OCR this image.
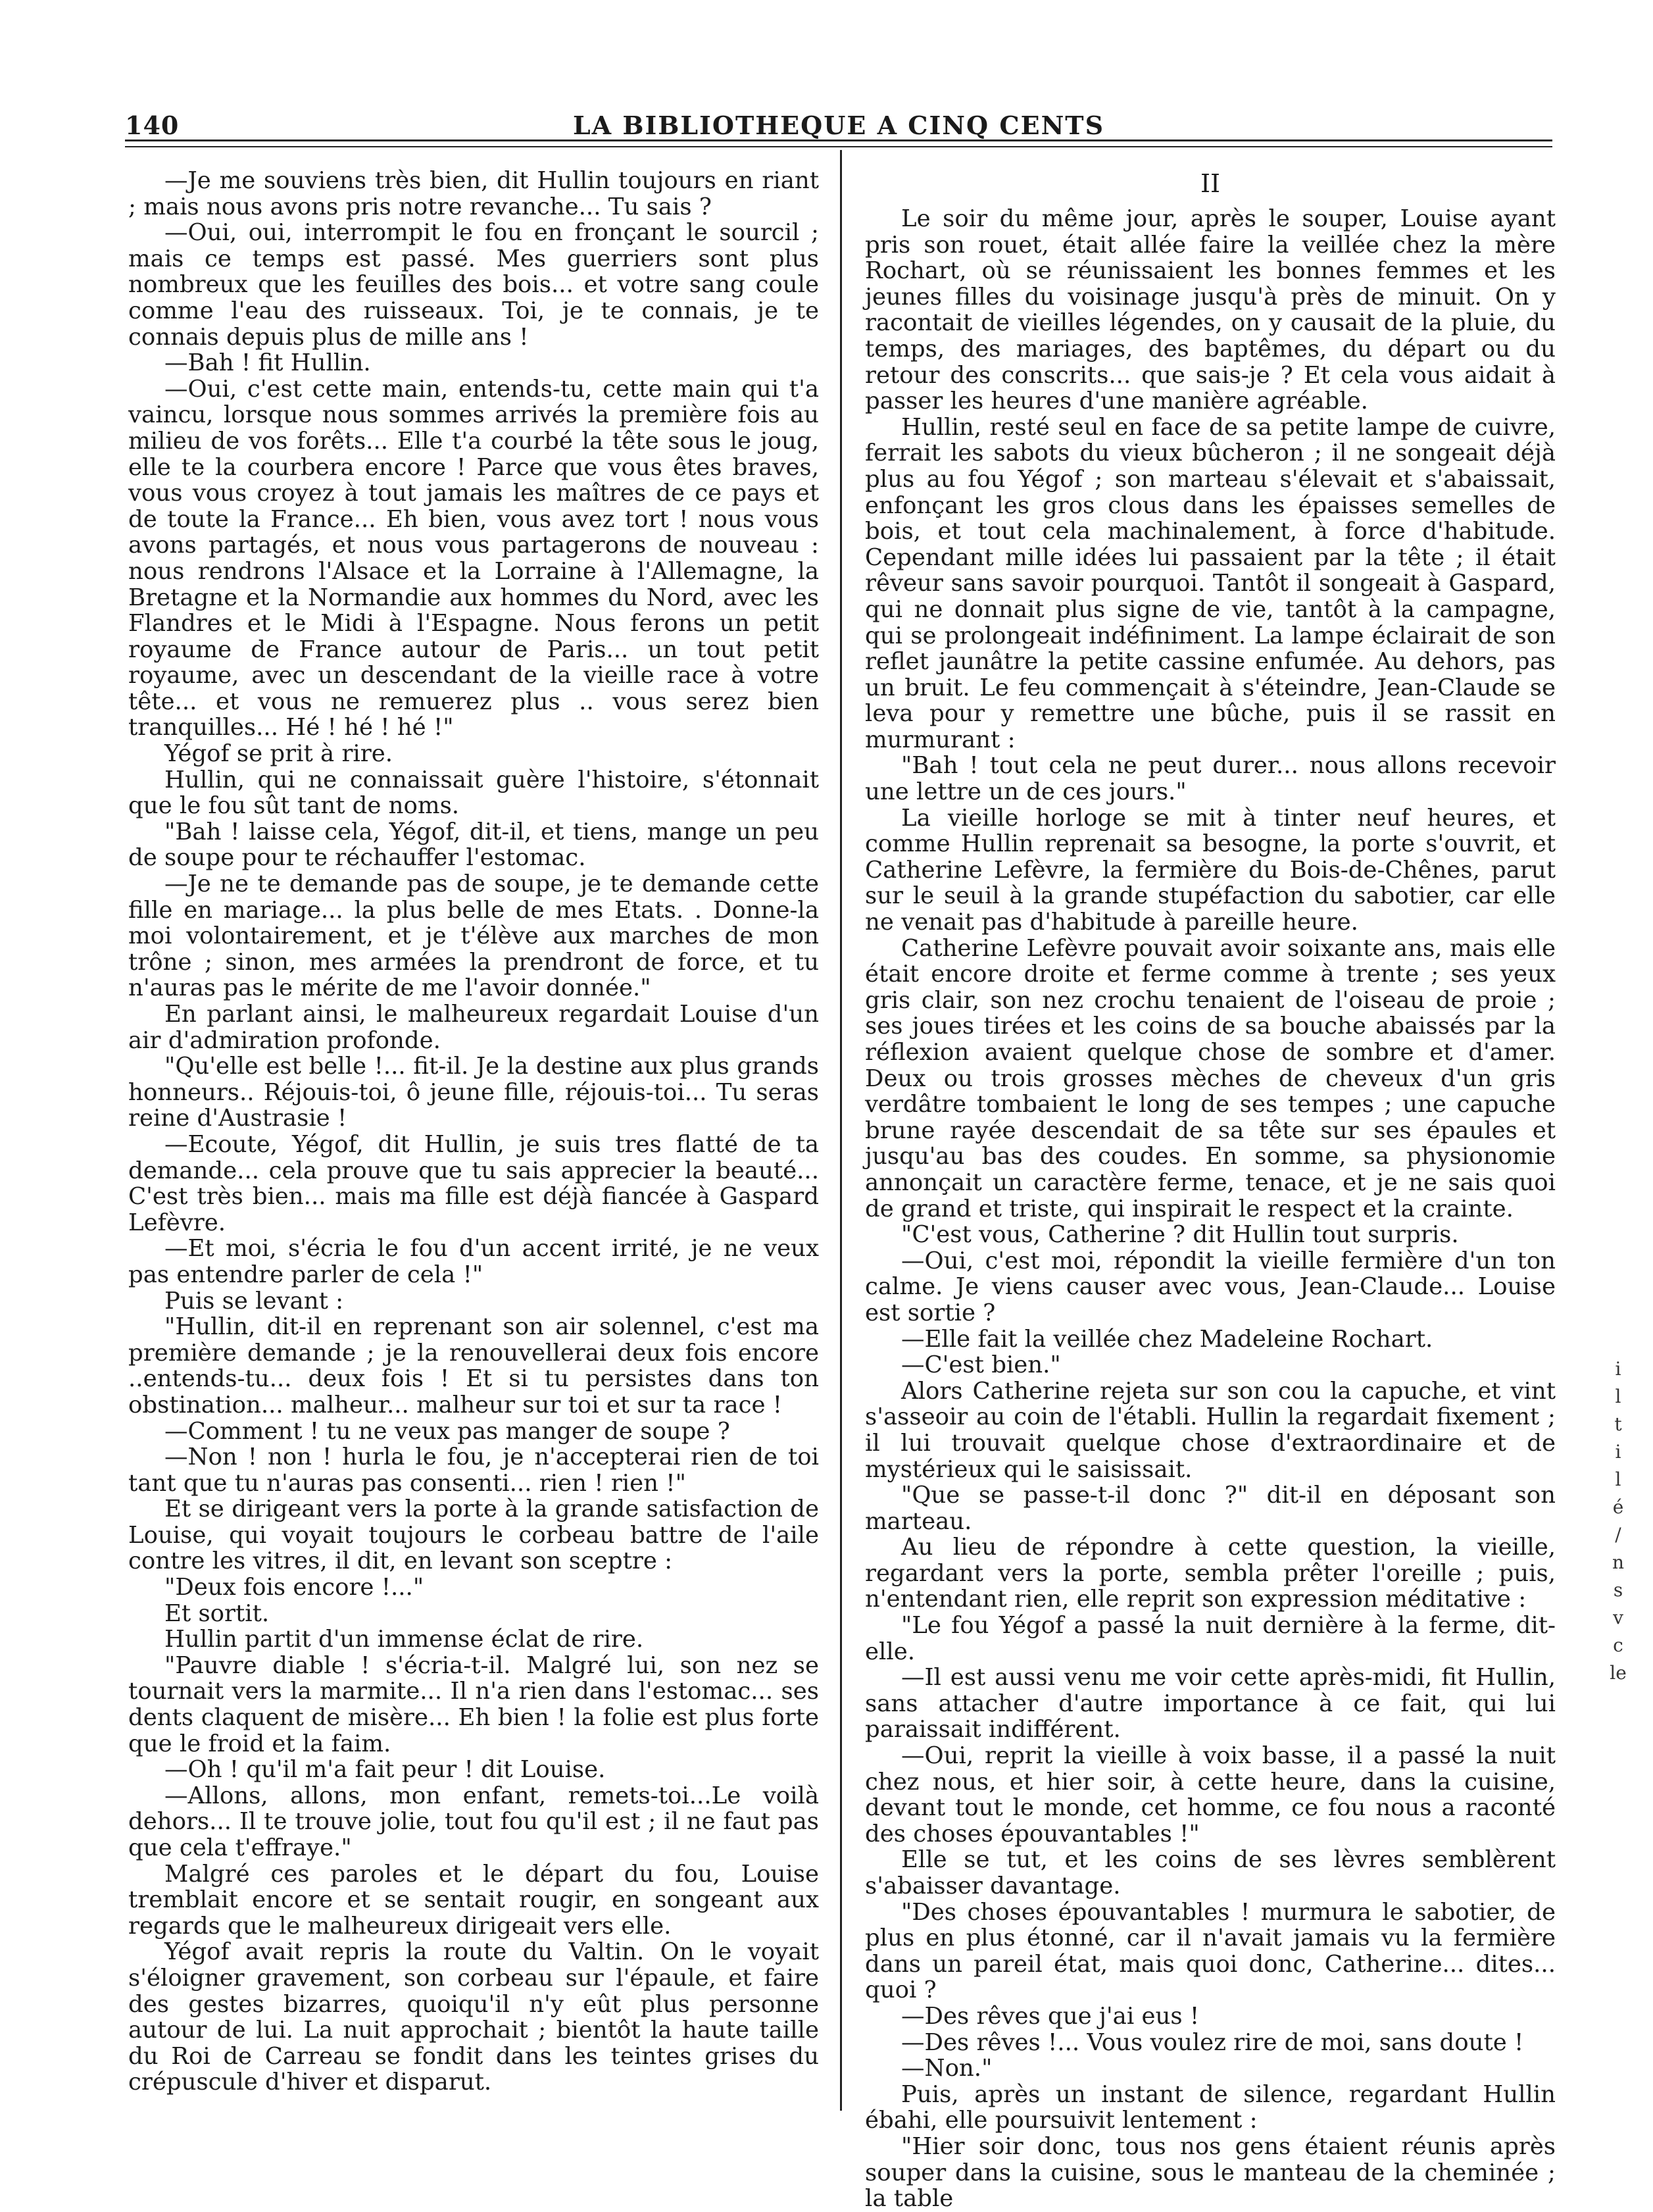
140	LA BIBLIOTHEQUE A CINQ CENTS

—Je me souviens très bien, dit Hullin toujours en riant ; mais nous avons pris notre revanche... Tu sais ?

—Oui, oui, interrompit le fou en fronçant le sourcil ; mais ce temps est passé. Mes guerriers sont plus nombreux que les feuilles des bois... et votre sang coule comme l'eau des ruisseaux. Toi, je te connais, je te connais depuis plus de mille ans !

—Bah ! fit Hullin.

—Oui, c'est cette main, entends-tu, cette main qui t'a vaincu, lorsque nous sommes arrivés la première fois au milieu de vos forêts... Elle t'a courbé la tête sous le joug, elle te la courbera encore ! Parce que vous êtes braves, vous vous croyez à tout jamais les maîtres de ce pays et de toute la France... Eh bien, vous avez tort ! nous vous avons partagés, et nous vous partagerons de nouveau : nous rendrons l'Alsace et la Lorraine à l'Allemagne, la Bretagne et la Normandie aux hommes du Nord, avec les Flandres et le Midi à l'Espagne. Nous ferons un petit royaume de France autour de Paris... un tout petit royaume, avec un descendant de la vieille race à votre tête... et vous ne remuerez plus .. vous serez bien tranquilles... Hé ! hé ! hé !"

Yégof se prit à rire.

Hullin, qui ne connaissait guère l'histoire, s'étonnait que le fou sût tant de noms.

"Bah ! laisse cela, Yégof, dit-il, et tiens, mange un peu de soupe pour te réchauffer l'estomac.

—Je ne te demande pas de soupe, je te demande cette fille en mariage... la plus belle de mes Etats. . Donne-la moi volontairement, et je t'élève aux marches de mon trône ; sinon, mes armées la prendront de force, et tu n'auras pas le mérite de me l'avoir donnée."

En parlant ainsi, le malheureux regardait Louise d'un air d'admiration profonde.

"Qu'elle est belle !... fit-il. Je la destine aux plus grands honneurs.. Réjouis-toi, ô jeune fille, réjouis-toi... Tu seras reine d'Austrasie !

—Ecoute, Yégof, dit Hullin, je suis tres flatté de ta demande... cela prouve que tu sais apprecier la beauté... C'est très bien... mais ma fille est déjà fiancée à Gaspard Lefèvre.

—Et moi, s'écria le fou d'un accent irrité, je ne veux pas entendre parler de cela !"

Puis se levant :

"Hullin, dit-il en reprenant son air solennel, c'est ma première demande ; je la renouvellerai deux fois encore ..entends-tu... deux fois ! Et si tu persistes dans ton obstination... malheur... malheur sur toi et sur ta race !

—Comment ! tu ne veux pas manger de soupe ?

—Non ! non ! hurla le fou, je n'accepterai rien de toi tant que tu n'auras pas consenti... rien ! rien !"

Et se dirigeant vers la porte à la grande satisfaction de Louise, qui voyait toujours le corbeau battre de l'aile contre les vitres, il dit, en levant son sceptre :

"Deux fois encore !..."

Et sortit.

Hullin partit d'un immense éclat de rire.

"Pauvre diable ! s'écria-t-il. Malgré lui, son nez se tournait vers la marmite... Il n'a rien dans l'estomac... ses dents claquent de misère... Eh bien ! la folie est plus forte que le froid et la faim.

—Oh ! qu'il m'a fait peur ! dit Louise.

—Allons, allons, mon enfant, remets-toi...Le voilà dehors... Il te trouve jolie, tout fou qu'il est ; il ne faut pas que cela t'effraye."

Malgré ces paroles et le départ du fou, Louise tremblait encore et se sentait rougir, en songeant aux regards que le malheureux dirigeait vers elle.

Yégof avait repris la route du Valtin. On le voyait s'éloigner gravement, son corbeau sur l'épaule, et faire des gestes bizarres, quoiqu'il n'y eût plus personne autour de lui. La nuit approchait ; bientôt la haute taille du Roi de Carreau se fondit dans les teintes grises du crépuscule d'hiver et disparut.

II

Le soir du même jour, après le souper, Louise ayant pris son rouet, était allée faire la veillée chez la mère Rochart, où se réunissaient les bonnes femmes et les jeunes filles du voisinage jusqu'à près de minuit. On y racontait de vieilles légendes, on y causait de la pluie, du temps, des mariages, des baptêmes, du départ ou du retour des conscrits... que sais-je ? Et cela vous aidait à passer les heures d'une manière agréable.

Hullin, resté seul en face de sa petite lampe de cuivre, ferrait les sabots du vieux bûcheron ; il ne songeait déjà plus au fou Yégof ; son marteau s'élevait et s'abaissait, enfonçant les gros clous dans les épaisses semelles de bois, et tout cela machinalement, à force d'habitude. Cependant mille idées lui passaient par la tête ; il était rêveur sans savoir pourquoi. Tantôt il songeait à Gaspard, qui ne donnait plus signe de vie, tantôt à la campagne, qui se prolongeait indéfiniment. La lampe éclairait de son reflet jaunâtre la petite cassine enfumée. Au dehors, pas un bruit. Le feu commençait à s'éteindre, Jean-Claude se leva pour y remettre une bûche, puis il se rassit en murmurant :

"Bah ! tout cela ne peut durer... nous allons recevoir une lettre un de ces jours."

La vieille horloge se mit à tinter neuf heures, et comme Hullin reprenait sa besogne, la porte s'ouvrit, et Catherine Lefèvre, la fermière du Bois-de-Chênes, parut sur le seuil à la grande stupéfaction du sabotier, car elle ne venait pas d'habitude à pareille heure.

Catherine Lefèvre pouvait avoir soixante ans, mais elle était encore droite et ferme comme à trente ; ses yeux gris clair, son nez crochu tenaient de l'oiseau de proie ; ses joues tirées et les coins de sa bouche abaissés par la réflexion avaient quelque chose de sombre et d'amer. Deux ou trois grosses mèches de cheveux d'un gris verdâtre tombaient le long de ses tempes ; une capuche brune rayée descendait de sa tête sur ses épaules et jusqu'au bas des coudes. En somme, sa physionomie annonçait un caractère ferme, tenace, et je ne sais quoi de grand et triste, qui inspirait le respect et la crainte.

"C'est vous, Catherine ? dit Hullin tout surpris.

—Oui, c'est moi, répondit la vieille fermière d'un ton calme. Je viens causer avec vous, Jean-Claude... Louise est sortie ?

—Elle fait la veillée chez Madeleine Rochart.

—C'est bien."

Alors Catherine rejeta sur son cou la capuche, et vint s'asseoir au coin de l'établi. Hullin la regardait fixement ; il lui trouvait quelque chose d'extraordinaire et de mystérieux qui le saisissait.

"Que se passe-t-il donc ?" dit-il en déposant son marteau.

Au lieu de répondre à cette question, la vieille, regardant vers la porte, sembla prêter l'oreille ; puis, n'entendant rien, elle reprit son expression méditative :

"Le fou Yégof a passé la nuit dernière à la ferme, dit-elle.

—Il est aussi venu me voir cette après-midi, fit Hullin, sans attacher d'autre importance à ce fait, qui lui paraissait indifférent.

—Oui, reprit la vieille à voix basse, il a passé la nuit chez nous, et hier soir, à cette heure, dans la cuisine, devant tout le monde, cet homme, ce fou nous a raconté des choses épouvantables !"

Elle se tut, et les coins de ses lèvres semblèrent s'abaisser davantage.

"Des choses épouvantables ! murmura le sabotier, de plus en plus étonné, car il n'avait jamais vu la fermière dans un pareil état, mais quoi donc, Catherine... dites... quoi ?

—Des rêves que j'ai eus !

—Des rêves !... Vous voulez rire de moi, sans doute !

—Non."

Puis, après un instant de silence, regardant Hullin ébahi, elle poursuivit lentement :

"Hier soir donc, tous nos gens étaient réunis après souper dans la cuisine, sous le manteau de la cheminée ; la table

i
l
t
i
l
é
/
n
s
v
c
le
